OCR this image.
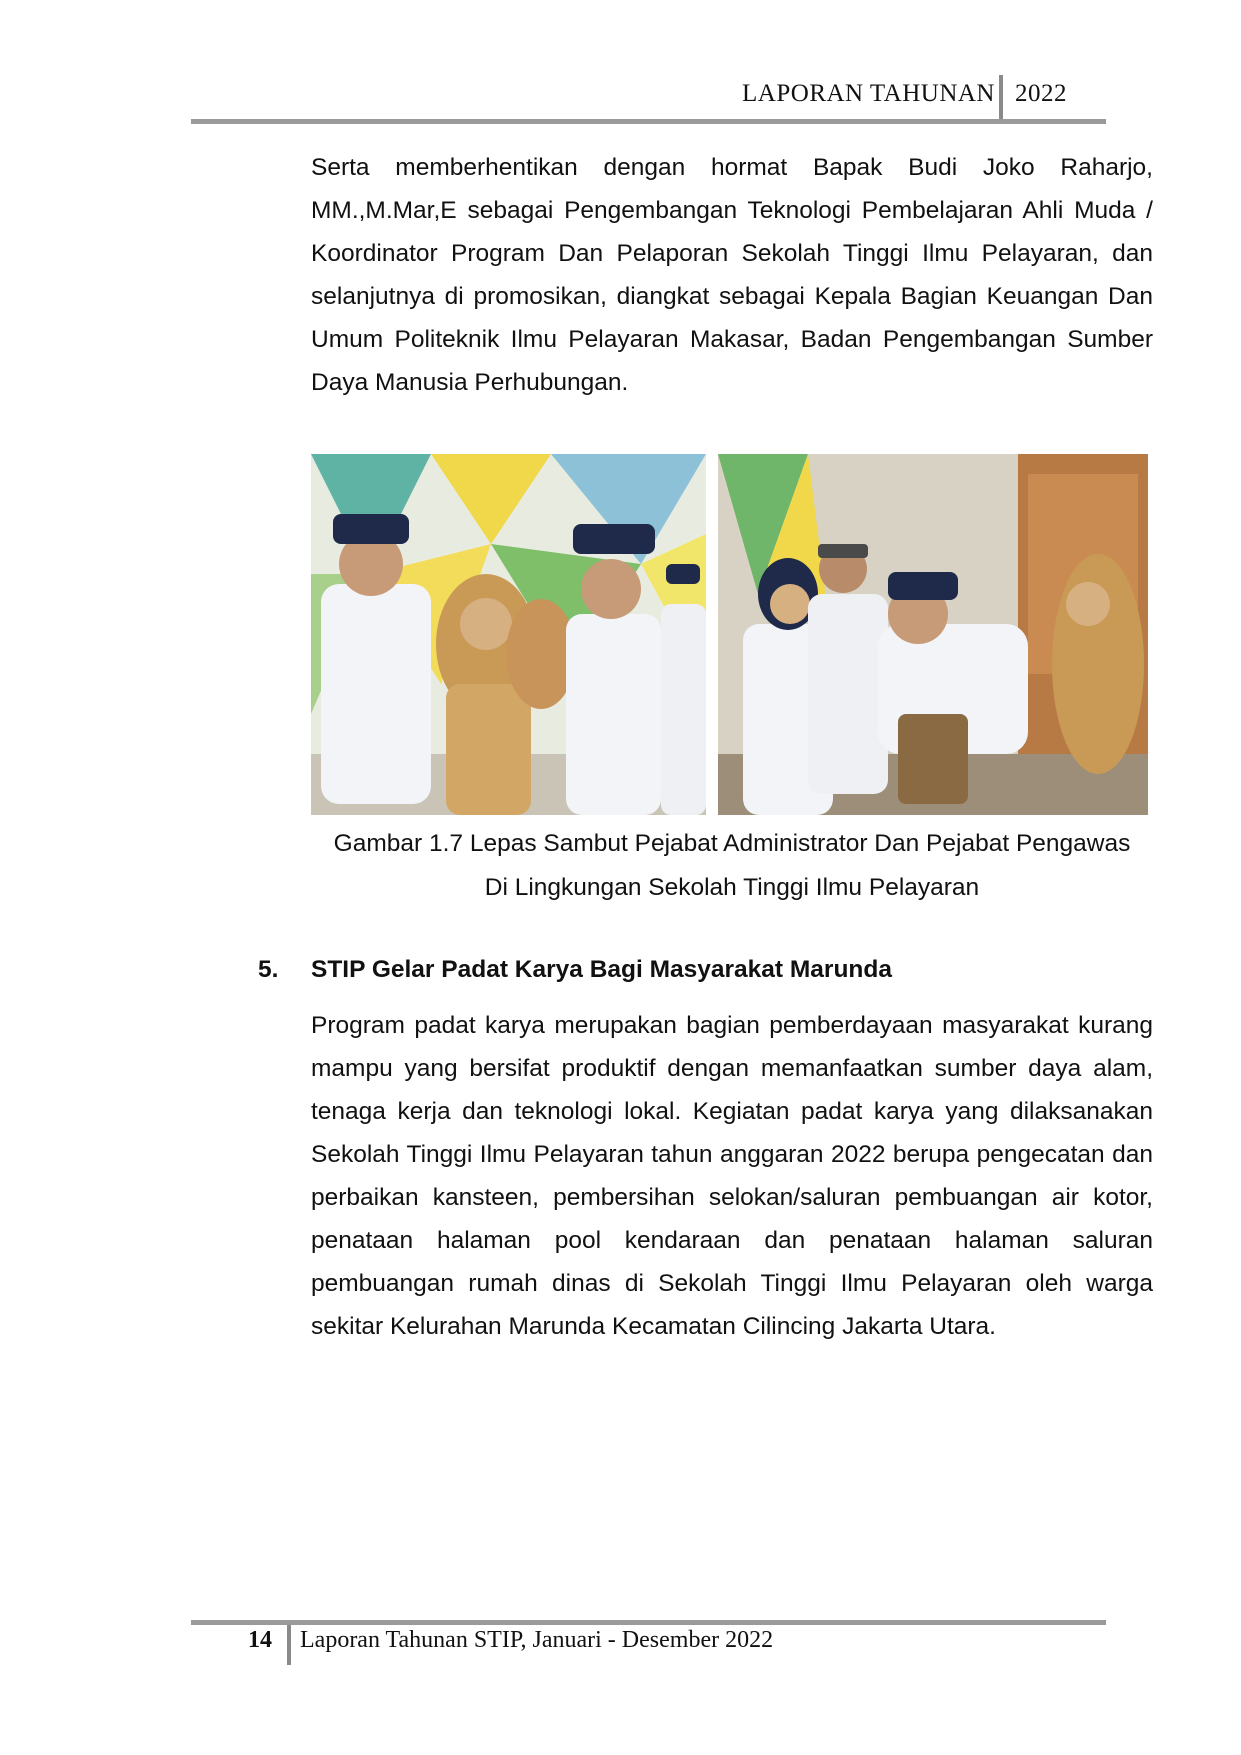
LAPORAN TAHUNAN 2022
Serta memberhentikan dengan hormat Bapak Budi Joko Raharjo, MM.,M.Mar,E sebagai Pengembangan Teknologi Pembelajaran Ahli Muda / Koordinator Program Dan Pelaporan Sekolah Tinggi Ilmu Pelayaran, dan selanjutnya di promosikan, diangkat sebagai Kepala Bagian Keuangan Dan Umum Politeknik Ilmu Pelayaran Makasar, Badan Pengembangan Sumber Daya Manusia Perhubungan.
Gambar 1.7 Lepas Sambut Pejabat Administrator Dan Pejabat Pengawas
Di Lingkungan Sekolah Tinggi Ilmu Pelayaran
5. STIP Gelar Padat Karya Bagi Masyarakat Marunda
Program padat karya merupakan bagian pemberdayaan masyarakat kurang mampu yang bersifat produktif dengan memanfaatkan sumber daya alam, tenaga kerja dan teknologi lokal. Kegiatan padat karya yang dilaksanakan Sekolah Tinggi Ilmu Pelayaran tahun anggaran 2022 berupa pengecatan dan perbaikan kansteen, pembersihan selokan/saluran pembuangan air kotor, penataan halaman pool kendaraan dan penataan halaman saluran pembuangan rumah dinas di Sekolah Tinggi Ilmu Pelayaran oleh warga sekitar Kelurahan Marunda Kecamatan Cilincing Jakarta Utara.
14 Laporan Tahunan STIP, Januari - Desember 2022
